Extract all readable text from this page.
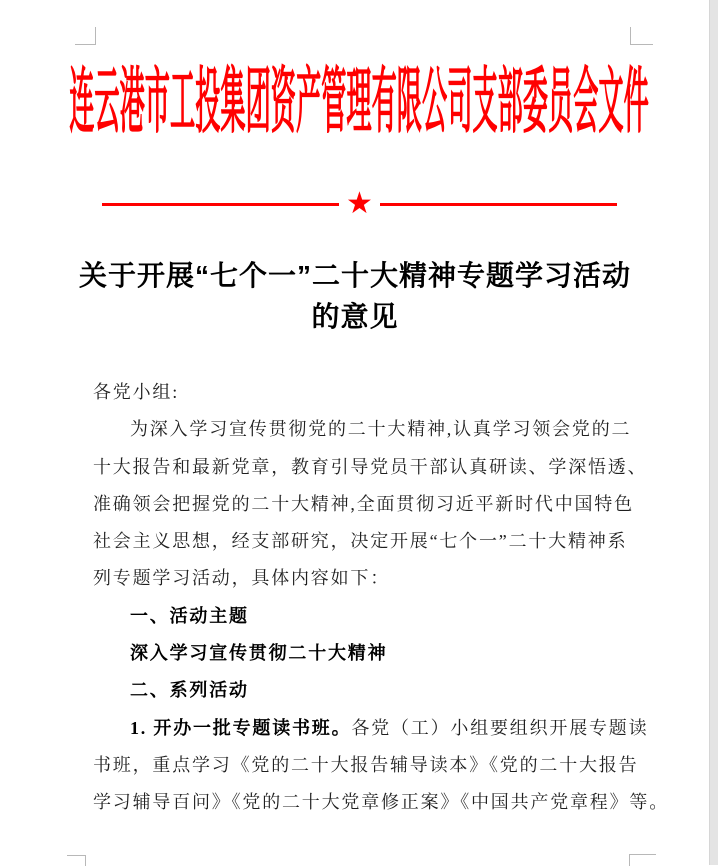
连云港市工投集团资产管理有限公司支部委员会文件
★
关于开展“七个一”二十大精神专题学习活动
的意见
各党小组:
为深入学习宣传贯彻党的二十大精神,认真学习领会党的二
十大报告和最新党章，教育引导党员干部认真研读、学深悟透、
准确领会把握党的二十大精神,全面贯彻习近平新时代中国特色
社会主义思想，经支部研究，决定开展“七个一”二十大精神系
列专题学习活动，具体内容如下：
一、活动主题
深入学习宣传贯彻二十大精神
二、系列活动
1. 开办一批专题读书班。各党（工）小组要组织开展专题读
书班，重点学习《党的二十大报告辅导读本》《党的二十大报告
学习辅导百问》《党的二十大党章修正案》《中国共产党章程》等。
